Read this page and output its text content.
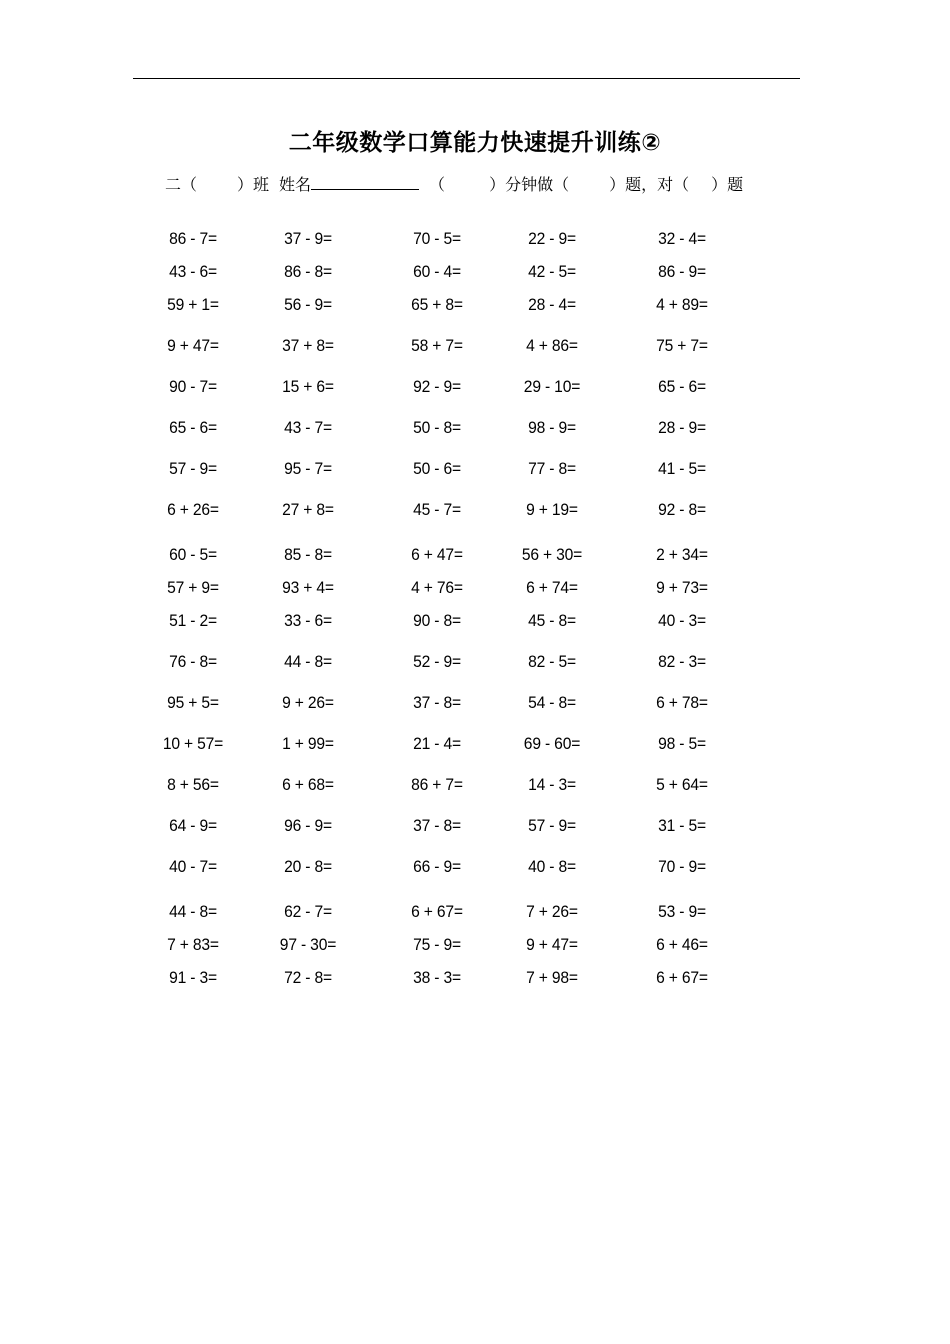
二年级数学口算能力快速提升训练②
二（	）班 姓名	（	）分钟做（	）题，对（ ）题
86 - 7=	37 - 9=	70 - 5=	22 - 9=	32 - 4=
43 - 6=	86 - 8=	60 - 4=	42 - 5=	86 - 9=
59 + 1=	56 - 9=	65 + 8=	28 - 4=	4 + 89=
9 + 47=	37 + 8=	58 + 7=	4 + 86=	75 + 7=
90 - 7=	15 + 6=	92 - 9=	29 - 10=	65 - 6=
65 - 6=	43 - 7=	50 - 8=	98 - 9=	28 - 9=
57 - 9=	95 - 7=	50 - 6=	77 - 8=	41 - 5=
6 + 26=	27 + 8=	45 - 7=	9 + 19=	92 - 8=
60 - 5=	85 - 8=	6 + 47=	56 + 30=	2 + 34=
57 + 9=	93 + 4=	4 + 76=	6 + 74=	9 + 73=
51 - 2=	33 - 6=	90 - 8=	45 - 8=	40 - 3=
76 - 8=	44 - 8=	52 - 9=	82 - 5=	82 - 3=
95 + 5=	9 + 26=	37 - 8=	54 - 8=	6 + 78=
10 + 57=	1 + 99=	21 - 4=	69 - 60=	98 - 5=
8 + 56=	6 + 68=	86 + 7=	14 - 3=	5 + 64=
64 - 9=	96 - 9=	37 - 8=	57 - 9=	31 - 5=
40 - 7=	20 - 8=	66 - 9=	40 - 8=	70 - 9=
44 - 8=	62 - 7=	6 + 67=	7 + 26=	53 - 9=
7 + 83=	97 - 30=	75 - 9=	9 + 47=	6 + 46=
91 - 3=	72 - 8=	38 - 3=	7 + 98=	6 + 67=
